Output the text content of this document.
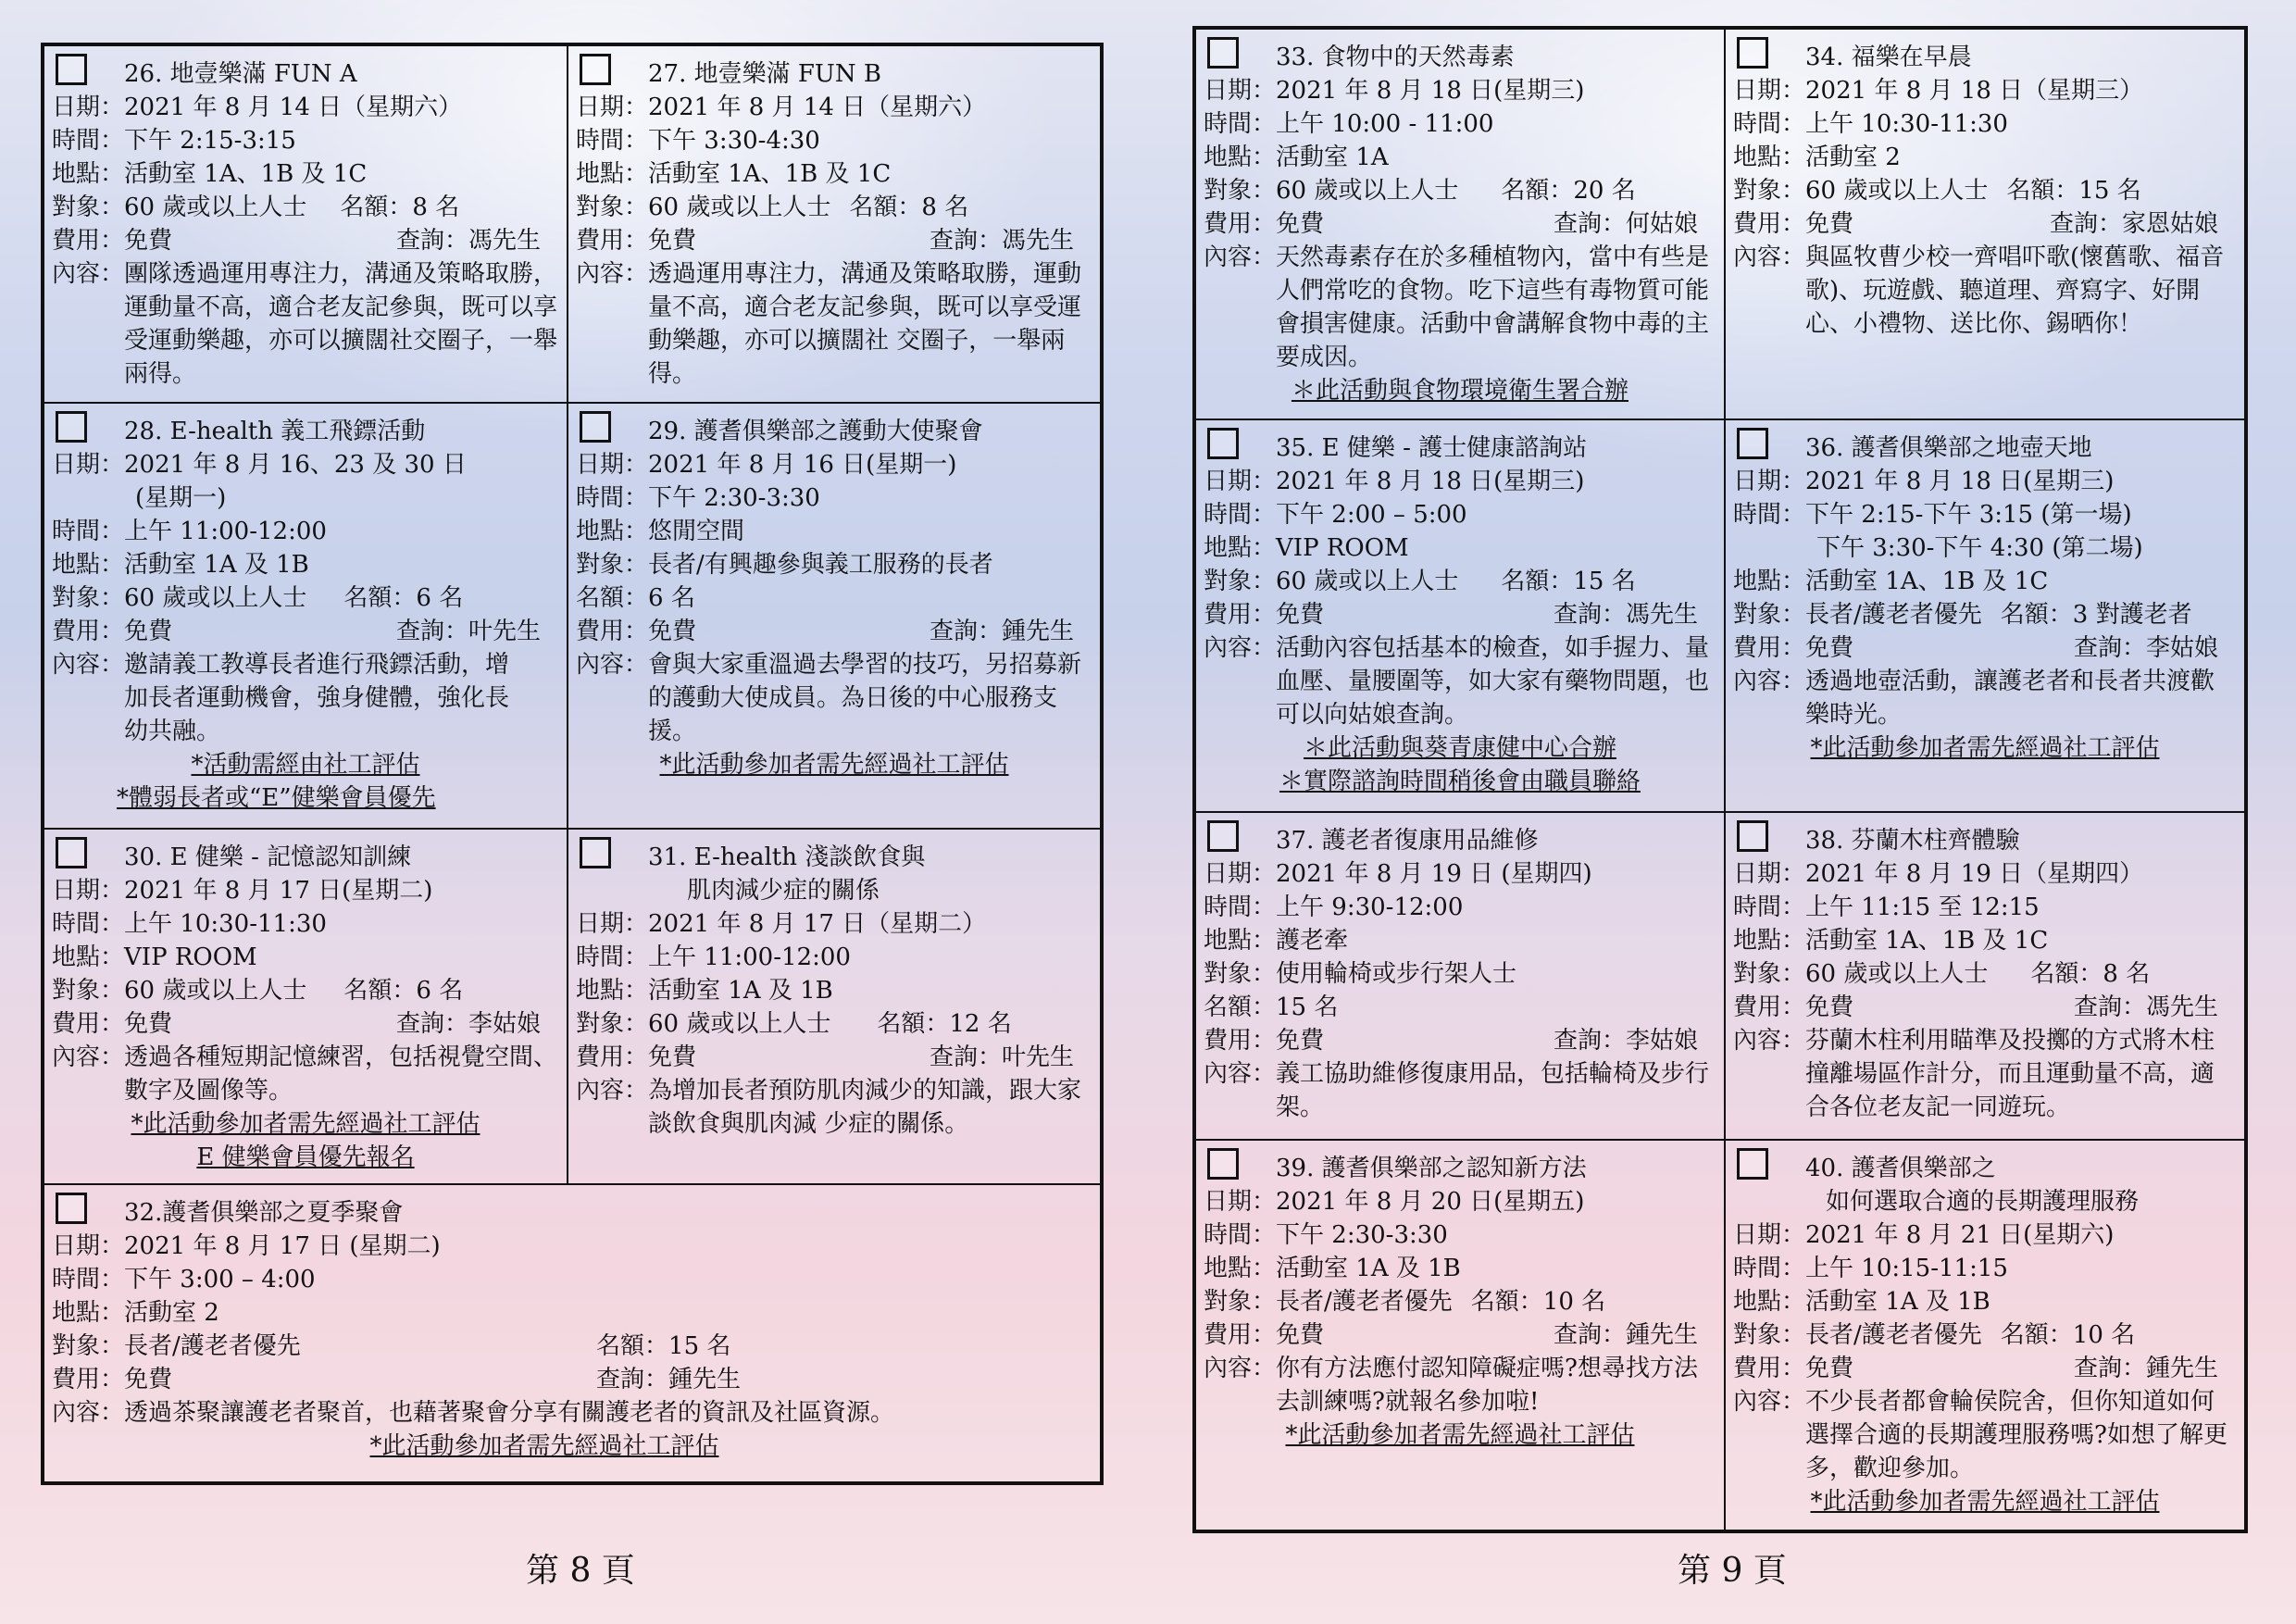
26. 地壹樂滿 FUN A
日期： 2021 年 8 月 14 日（星期六）
時間： 下午 2:15-3:15
地點： 活動室 1A、1B 及 1C
對象： 60 歲或以上人士 名額： 8 名
費用： 免費	查詢：馮先生
內容： 團隊透過運用專注力，溝通及策略取勝，運動量不高，適合老友記參與，既可以享受運動樂趣，亦可以擴闊社交圈子，一舉兩得。
27. 地壹樂滿 FUN B
日期： 2021 年 8 月 14 日（星期六）
時間： 下午 3:30-4:30
地點： 活動室 1A、1B 及 1C
對象： 60 歲或以上人士 名額： 8 名
費用： 免費	查詢：馮先生
內容： 透過運用專注力，溝通及策略取勝，運動量不高，適合老友記參與，既可以享受運動樂趣，亦可以擴闊社 交圈子，一舉兩得。
28. E-health 義工飛鏢活動
日期： 2021 年 8 月 16、23 及 30 日
(星期一)
時間： 上午 11:00-12:00
地點： 活動室 1A 及 1B
對象： 60 歲或以上人士 名額： 6 名
費用： 免費	查詢：叶先生
內容： 邀請義工教導長者進行飛鏢活動，增加長者運動機會，強身健體，強化長幼共融。
*活動需經由社工評估
*體弱長者或“E”健樂會員優先
29. 護耆俱樂部之護動大使聚會
日期： 2021 年 8 月 16 日(星期一)
時間： 下午 2:30-3:30
地點： 悠閒空間
對象： 長者/有興趣參與義工服務的長者
名額： 6 名
費用： 免費	查詢：鍾先生
內容： 會與大家重溫過去學習的技巧，另招募新的護動大使成員。為日後的中心服務支援。
*此活動參加者需先經過社工評估
30. E 健樂 - 記憶認知訓練
日期： 2021 年 8 月 17 日(星期二)
時間： 上午 10:30-11:30
地點： VIP ROOM
對象： 60 歲或以上人士 名額： 6 名
費用： 免費	查詢：李姑娘
內容： 透過各種短期記憶練習，包括視覺空間、數字及圖像等。
*此活動參加者需先經過社工評估
E 健樂會員優先報名
31. E-health 淺談飲食與
肌肉減少症的關係
日期： 2021 年 8 月 17 日（星期二）
時間： 上午 11:00-12:00
地點： 活動室 1A 及 1B
對象： 60 歲或以上人士 名額： 12 名
費用： 免費	查詢：叶先生
內容： 為增加長者預防肌肉減少的知識，跟大家談飲食與肌肉減 少症的關係。
32.護耆俱樂部之夏季聚會
日期： 2021 年 8 月 17 日 (星期二)
時間： 下午 3:00 – 4:00
地點： 活動室 2
對象： 長者/護老者優先	名額： 15 名
費用： 免費	查詢： 鍾先生
內容： 透過茶聚讓護老者聚首，也藉著聚會分享有關護老者的資訊及社區資源。
*此活動參加者需先經過社工評估
第 8 頁
33. 食物中的天然毒素
日期： 2021 年 8 月 18 日(星期三)
時間： 上午 10:00 - 11:00
地點： 活動室 1A
對象： 60 歲或以上人士 名額： 20 名
費用： 免費	查詢：何姑娘
內容： 天然毒素存在於多種植物內，當中有些是人們常吃的食物。吃下這些有毒物質可能會損害健康。活動中會講解食物中毒的主要成因。
＊此活動與食物環境衛生署合辦
34. 福樂在早晨
日期： 2021 年 8 月 18 日（星期三）
時間： 上午 10:30-11:30
地點： 活動室 2
對象： 60 歲或以上人士 名額： 15 名
費用： 免費	查詢：家恩姑娘
內容： 與區牧曹少校一齊唱吓歌(懷舊歌、福音歌)、玩遊戲、聽道理、齊寫字、好開心、小禮物、送比你、錫晒你！
35. E 健樂 - 護士健康諮詢站
日期： 2021 年 8 月 18 日(星期三)
時間： 下午 2:00 – 5:00
地點： VIP ROOM
對象： 60 歲或以上人士 名額： 15 名
費用： 免費	查詢：馮先生
內容： 活動內容包括基本的檢查，如手握力、量血壓、量腰圍等，如大家有藥物問題，也可以向姑娘查詢。
＊此活動與葵青康健中心合辦
＊實際諮詢時間稍後會由職員聯絡
36. 護耆俱樂部之地壺天地
日期： 2021 年 8 月 18 日(星期三)
時間： 下午 2:15-下午 3:15 (第一場)
下午 3:30-下午 4:30 (第二場)
地點： 活動室 1A、1B 及 1C
對象： 長者/護老者優先 名額： 3 對護老者
費用： 免費	查詢：李姑娘
內容： 透過地壺活動，讓護老者和長者共渡歡樂時光。
*此活動參加者需先經過社工評估
37. 護老者復康用品維修
日期： 2021 年 8 月 19 日 (星期四)
時間： 上午 9:30-12:00
地點： 護老牽
對象： 使用輪椅或步行架人士
名額： 15 名
費用： 免費	查詢：李姑娘
內容： 義工協助維修復康用品，包括輪椅及步行架。
38. 芬蘭木柱齊體驗
日期： 2021 年 8 月 19 日（星期四）
時間： 上午 11:15 至 12:15
地點： 活動室 1A、1B 及 1C
對象： 60 歲或以上人士 名額： 8 名
費用： 免費	查詢：馮先生
內容： 芬蘭木柱利用瞄準及投擲的方式將木柱撞離場區作計分，而且運動量不高，適合各位老友記一同遊玩。
39. 護耆俱樂部之認知新方法
日期： 2021 年 8 月 20 日(星期五)
時間： 下午 2:30-3:30
地點： 活動室 1A 及 1B
對象： 長者/護老者優先 名額： 10 名
費用： 免費	查詢：鍾先生
內容： 你有方法應付認知障礙症嗎?想尋找方法去訓練嗎?就報名參加啦!
*此活動參加者需先經過社工評估
40. 護耆俱樂部之
如何選取合適的長期護理服務
日期： 2021 年 8 月 21 日(星期六)
時間： 上午 10:15-11:15
地點： 活動室 1A 及 1B
對象： 長者/護老者優先 名額： 10 名
費用： 免費	查詢：鍾先生
內容： 不少長者都會輪侯院舍，但你知道如何選擇合適的長期護理服務嗎?如想了解更多，歡迎參加。
*此活動參加者需先經過社工評估
第 9 頁
